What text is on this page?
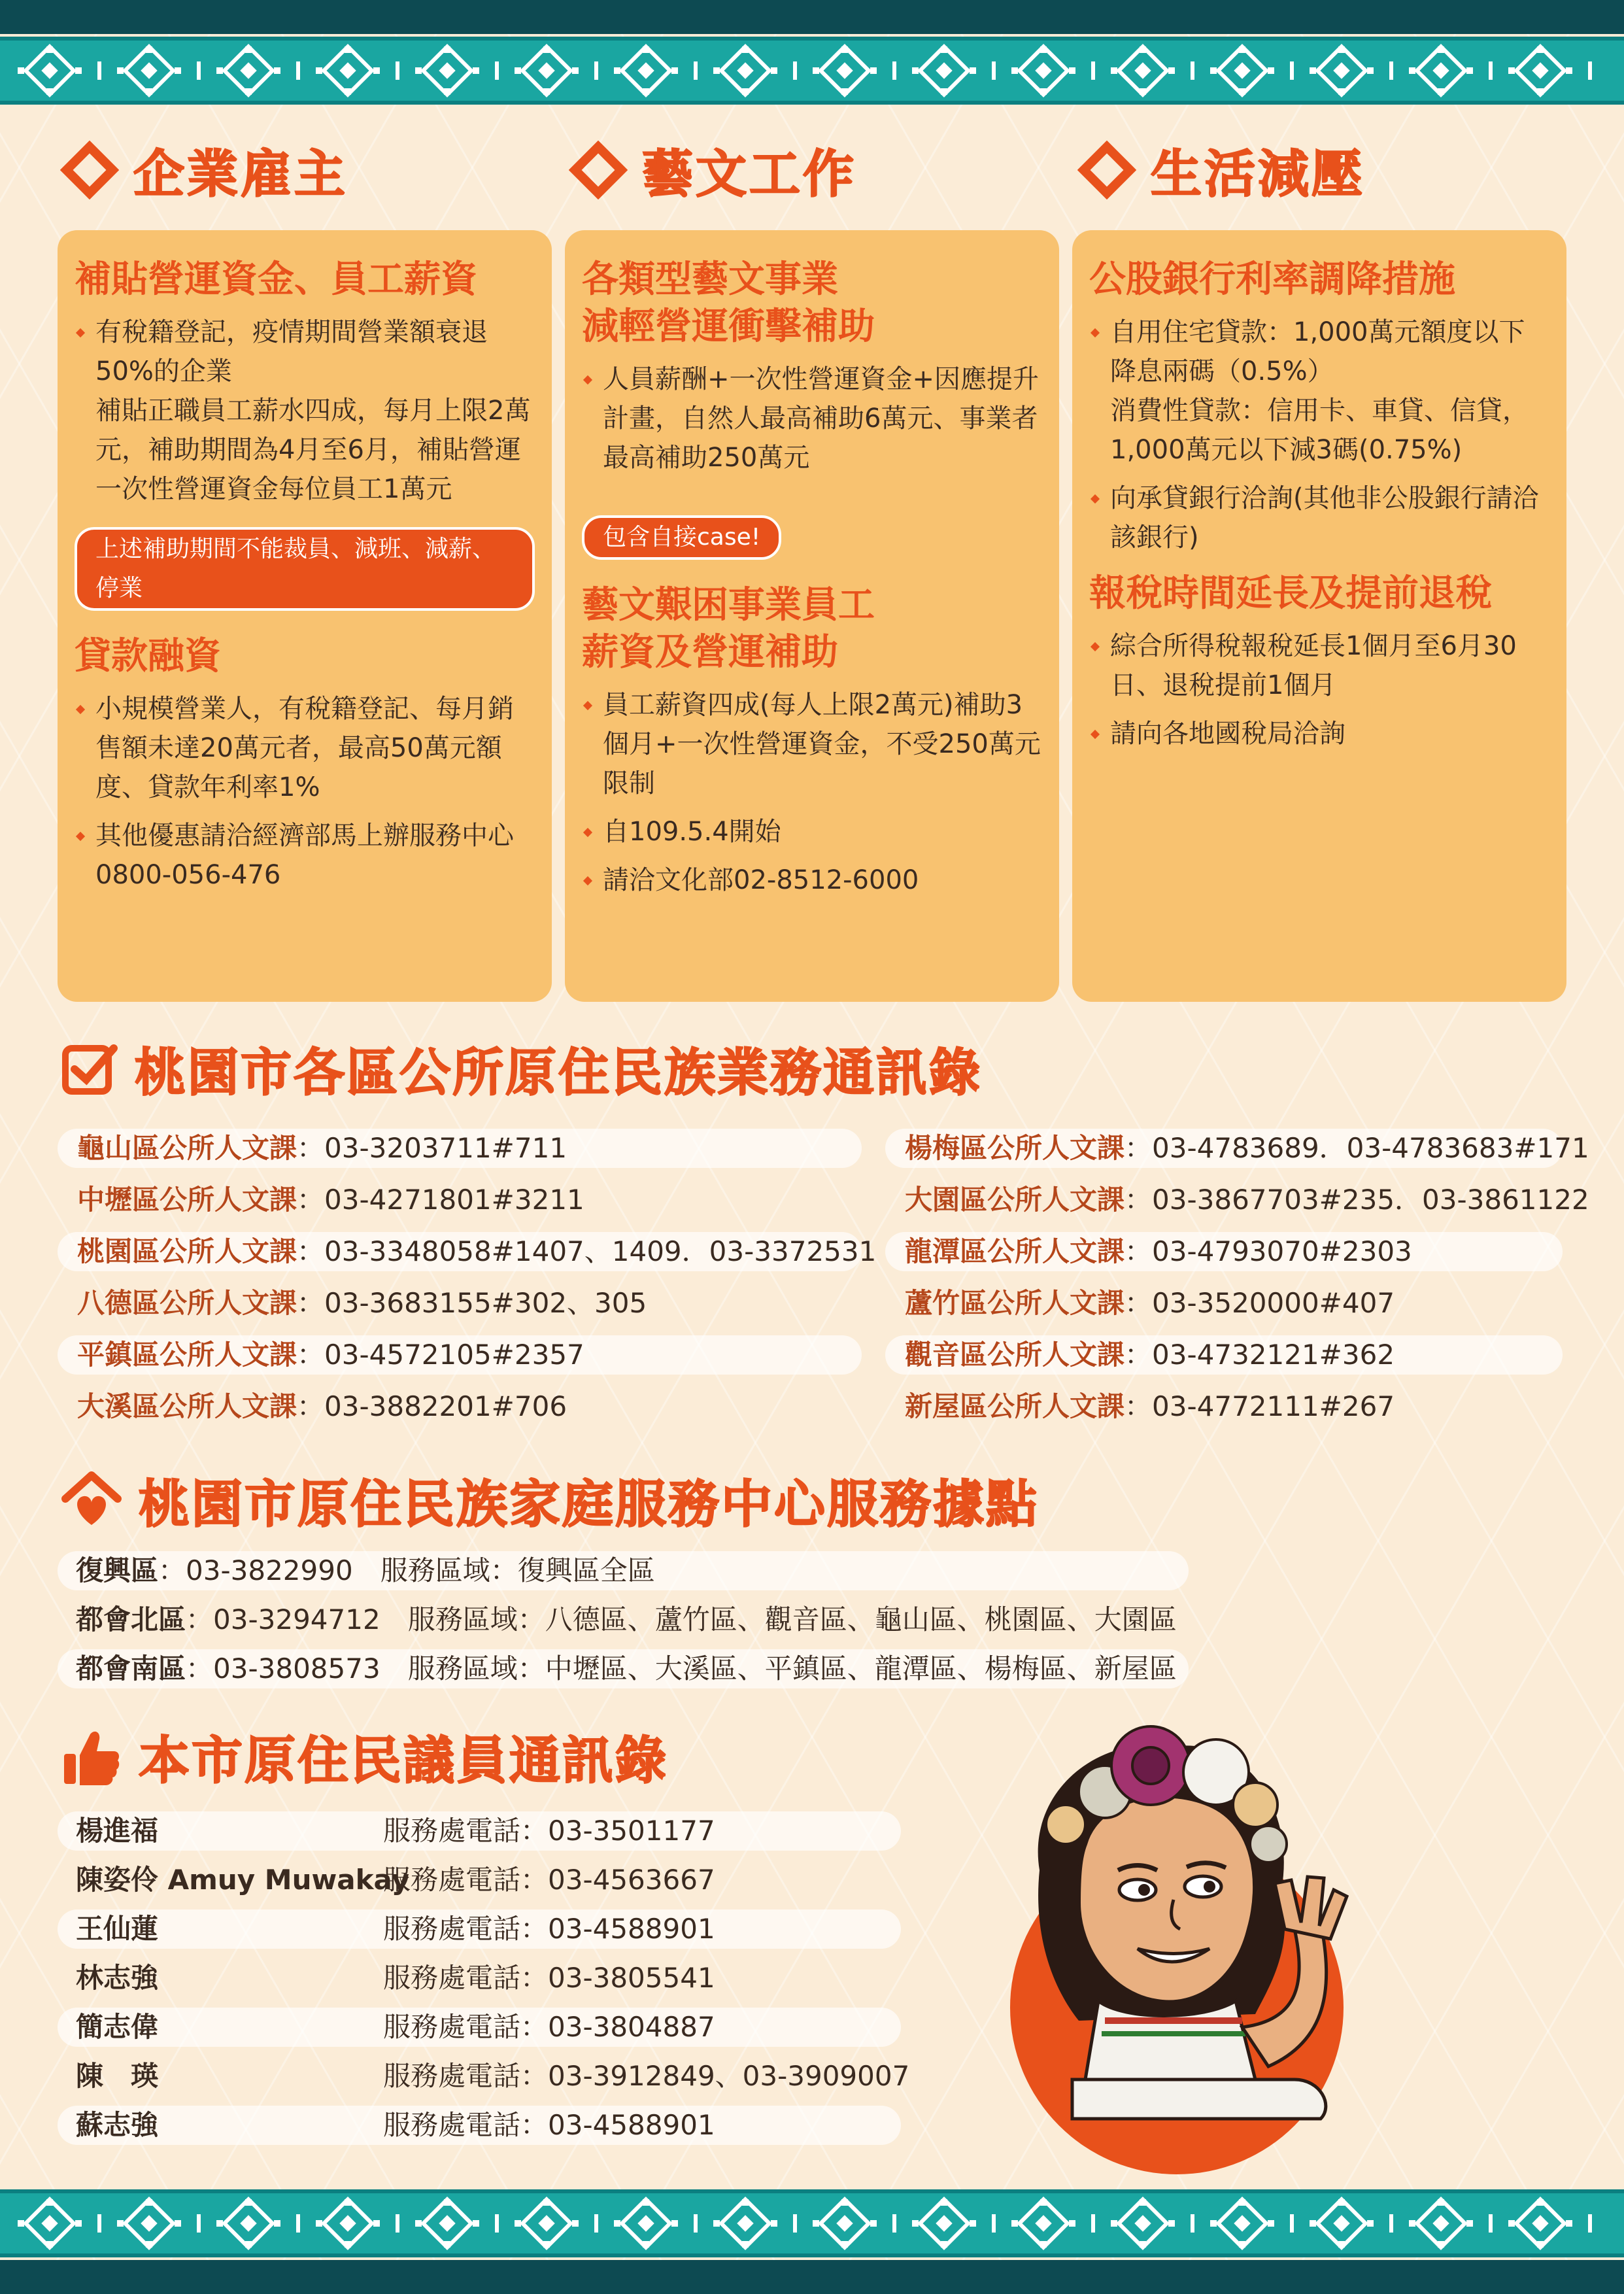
企業雇主	藝文工作	生活減壓
補貼營運資金、員工薪資
有稅籍登記，疫情期間營業額衰退50%的企業
補貼正職員工薪水四成，每月上限2萬元，補助期間為4月至6月，補貼營運一次性營運資金每位員工1萬元
上述補助期間不能裁員、減班、減薪、停業
貸款融資
小規模營業人，有稅籍登記、每月銷售額未達20萬元者，最高50萬元額度、貸款年利率1%
其他優惠請洽經濟部馬上辦服務中心0800-056-476
各類型藝文事業
減輕營運衝擊補助
人員薪酬+一次性營運資金+因應提升計畫，自然人最高補助6萬元、事業者最高補助250萬元
包含自接case!
藝文艱困事業員工
薪資及營運補助
員工薪資四成(每人上限2萬元)補助3個月+一次性營運資金，不受250萬元限制
自109.5.4開始
請洽文化部02-8512-6000
公股銀行利率調降措施
自用住宅貸款：1,000萬元額度以下降息兩碼（0.5%）
消費性貸款：信用卡、車貸、信貸，1,000萬元以下減3碼(0.75%)
向承貸銀行洽詢(其他非公股銀行請洽該銀行)
報稅時間延長及提前退稅
綜合所得稅報稅延長1個月至6月30日、退稅提前1個月
請向各地國稅局洽詢
桃園市各區公所原住民族業務通訊錄
龜山區公所人文課：03-3203711#711
中壢區公所人文課：03-4271801#3211
桃園區公所人文課：03-3348058#1407、1409．03-3372531
八德區公所人文課：03-3683155#302、305
平鎮區公所人文課：03-4572105#2357
大溪區公所人文課：03-3882201#706
楊梅區公所人文課：03-4783689．03-4783683#171
大園區公所人文課：03-3867703#235．03-3861122
龍潭區公所人文課：03-4793070#2303
蘆竹區公所人文課：03-3520000#407
觀音區公所人文課：03-4732121#362
新屋區公所人文課：03-4772111#267
桃園市原住民族家庭服務中心服務據點
復興區：03-3822990　 服務區域：復興區全區
都會北區：03-3294712　 服務區域：八德區、蘆竹區、觀音區、龜山區、桃園區、大園區
都會南區：03-3808573　 服務區域：中壢區、大溪區、平鎮區、龍潭區、楊梅區、新屋區
本市原住民議員通訊錄
楊進福	服務處電話：03-3501177
陳姿伶 Amuy Muwakay服務處電話：03-4563667
王仙蓮	服務處電話：03-4588901
林志強	服務處電話：03-3805541
簡志偉	服務處電話：03-3804887
陳　瑛	服務處電話：03-3912849、03-3909007
蘇志強	服務處電話：03-4588901
